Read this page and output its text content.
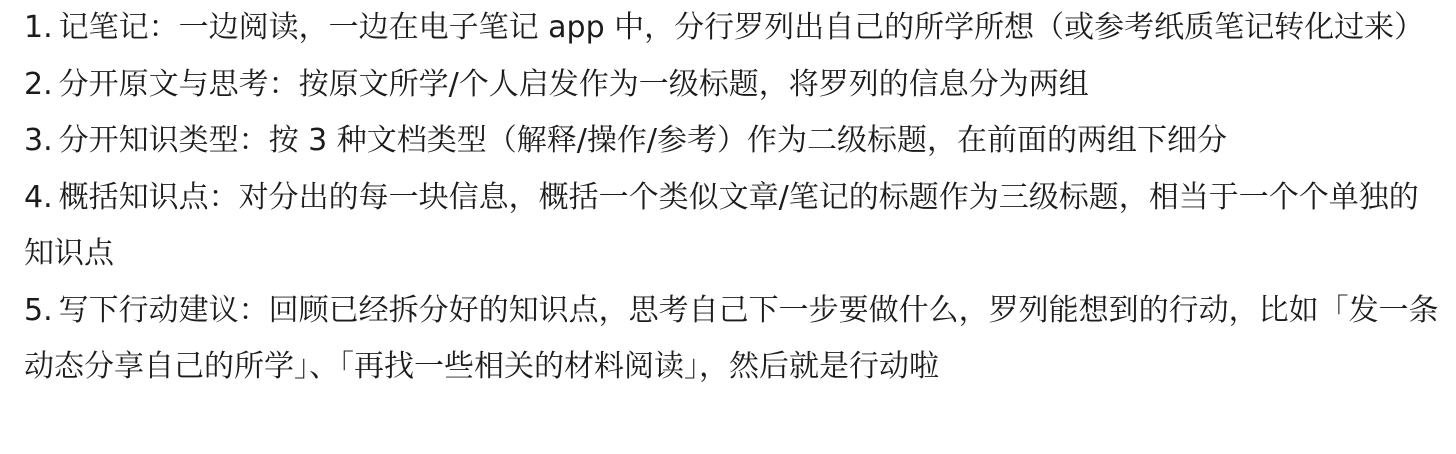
1. 记笔记：一边阅读，一边在电子笔记 app 中，分行罗列出自己的所学所想（或参考纸质笔记转化过来）

2. 分开原文与思考：按原文所学/个人启发作为一级标题，将罗列的信息分为两组

3. 分开知识类型：按 3 种文档类型（解释/操作/参考）作为二级标题，在前面的两组下细分

4. 概括知识点：对分出的每一块信息，概括一个类似文章/笔记的标题作为三级标题，相当于一个个单独的知识点

5. 写下行动建议：回顾已经拆分好的知识点，思考自己下一步要做什么，罗列能想到的行动，比如「发一条动态分享自己的所学」、「再找一些相关的材料阅读」，然后就是行动啦
